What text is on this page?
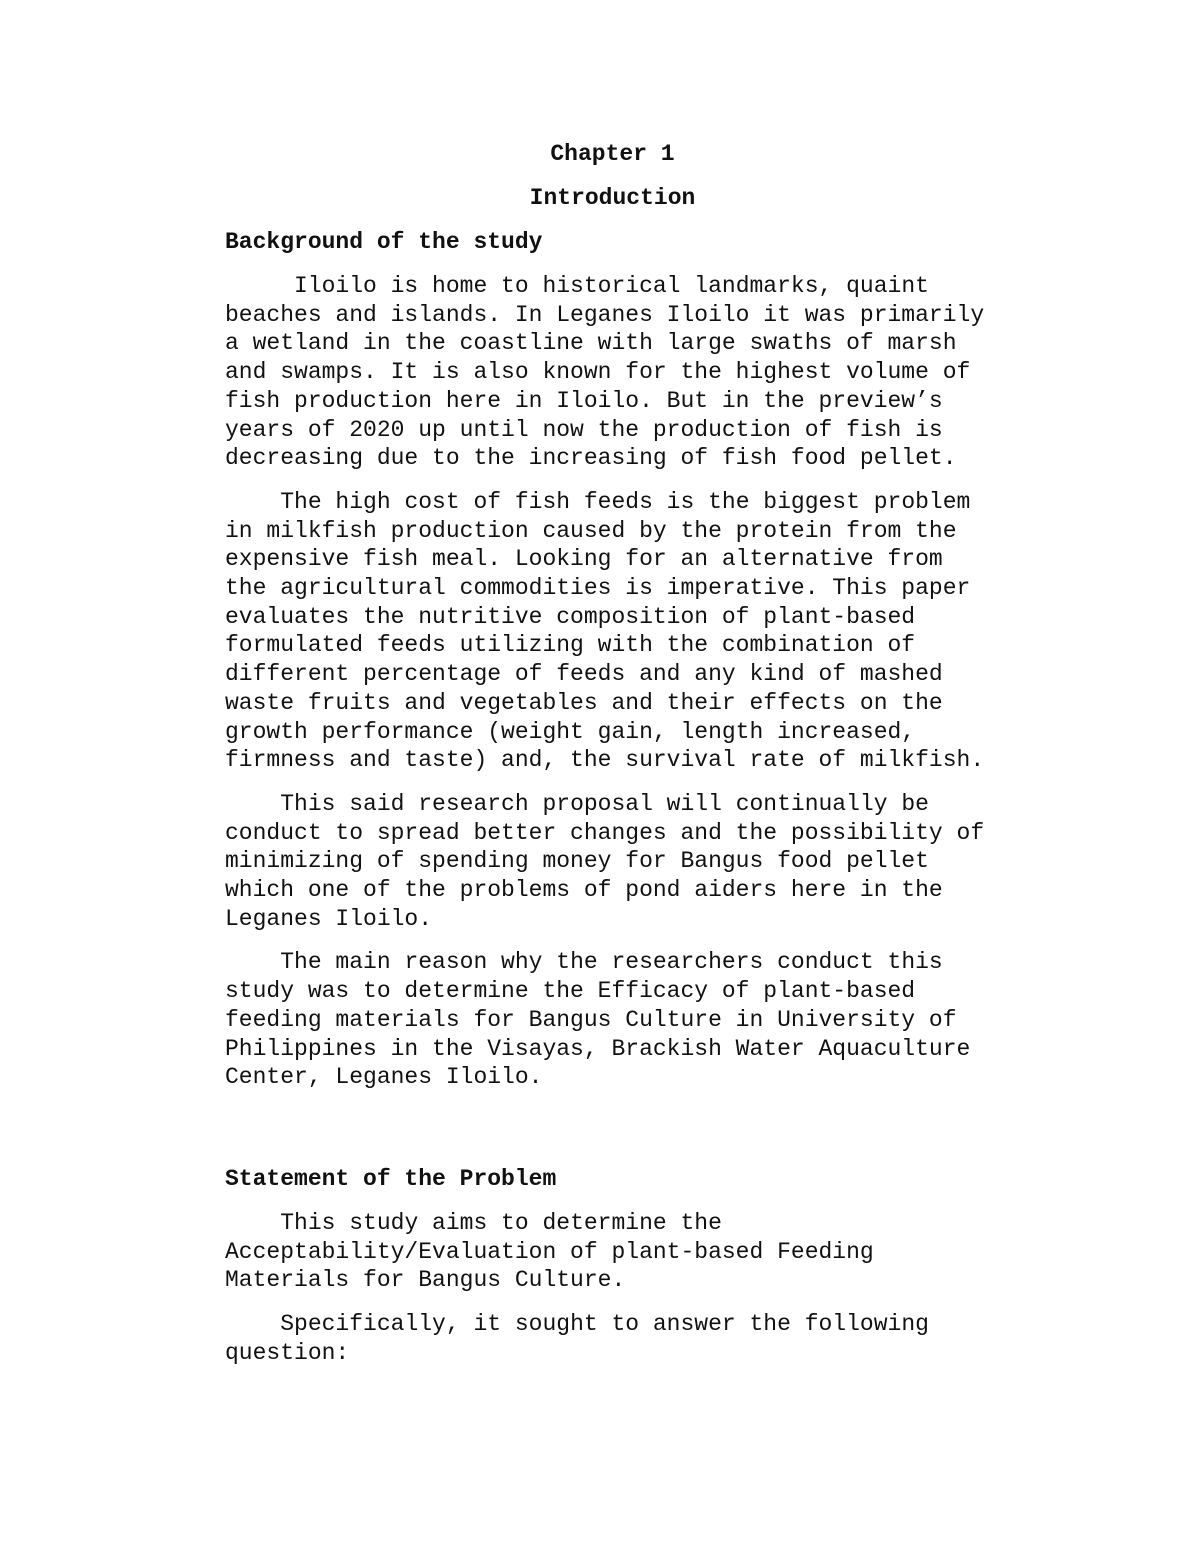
Chapter 1

Introduction

Background of the study

Iloilo is home to historical landmarks, quaint
beaches and islands. In Leganes Iloilo it was primarily
a wetland in the coastline with large swaths of marsh
and swamps. It is also known for the highest volume of
fish production here in Iloilo. But in the preview’s
years of 2020 up until now the production of fish is
decreasing due to the increasing of fish food pellet.

The high cost of fish feeds is the biggest problem
in milkfish production caused by the protein from the
expensive fish meal. Looking for an alternative from
the agricultural commodities is imperative. This paper
evaluates the nutritive composition of plant-based
formulated feeds utilizing with the combination of
different percentage of feeds and any kind of mashed
waste fruits and vegetables and their effects on the
growth performance (weight gain, length increased,
firmness and taste) and, the survival rate of milkfish.

This said research proposal will continually be
conduct to spread better changes and the possibility of
minimizing of spending money for Bangus food pellet
which one of the problems of pond aiders here in the
Leganes Iloilo.

The main reason why the researchers conduct this
study was to determine the Efficacy of plant-based
feeding materials for Bangus Culture in University of
Philippines in the Visayas, Brackish Water Aquaculture
Center, Leganes Iloilo.

Statement of the Problem

This study aims to determine the
Acceptability/Evaluation of plant-based Feeding
Materials for Bangus Culture.

Specifically, it sought to answer the following
question:
